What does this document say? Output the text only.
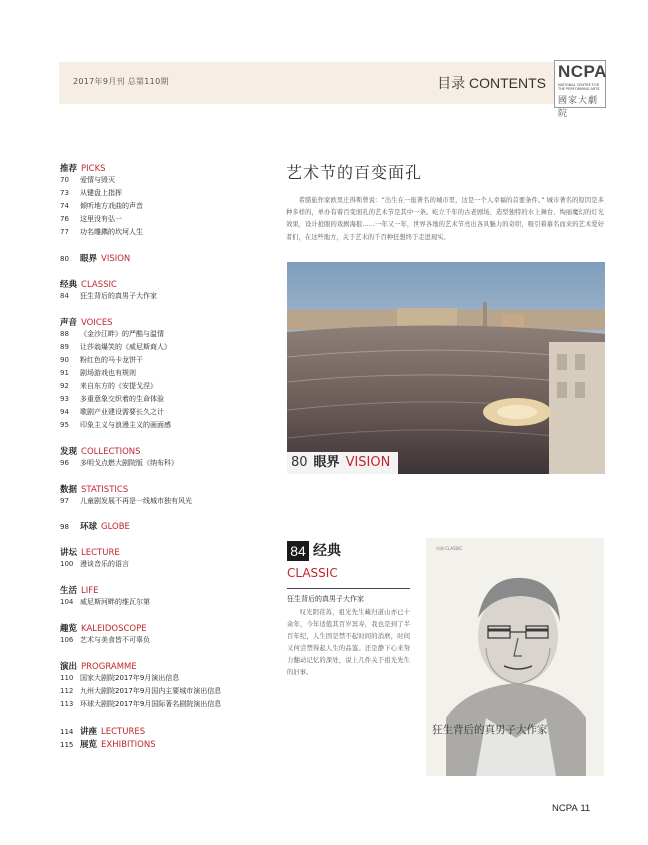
2017年9月刊 总第110期	目录 CONTENTS
NCPA
NATIONAL CENTRE FOR THE PERFORMING ARTS
國家大劇院
推荐 PICKS
70 爱情与毁灭
73 从键盘上指挥
74 倾听地方戏曲的声音
76 这里没有弘一
77 功名雕鐫的坎坷人生
80 眼界 VISION
经典 CLASSIC
84 狂生背后的真男子大作家
声音 VOICES
88 《金沙江畔》的严酷与温情
89 让莎翁爆笑的《威尼斯商人》
90 粉红色的马卡龙饼干
91 剧场游戏也有规则
92 来自东方的《安提戈涅》
93 多重意象交织着的生命体验
94 歌剧产业建设需要长久之计
95 印象主义与浪漫主义的画面感
发现 COLLECTIONS
96 多明戈点燃大剧院版《纳布科》
数据 STATISTICS
97 儿童剧发展不再是一线城市独有风光
98 环球 GLOBE
讲坛 LECTURE
100 漫谈音乐的语言
生活 LIFE
104 威尼斯河畔的维瓦尔第
趣览 KALEIDOSCOPE
106 艺术与美食皆不可辜负
演出 PROGRAMME
110 国家大剧院2017年9月演出信息
112 九州大剧院2017年9月国内主要城市演出信息
113 环球大剧院2017年9月国际著名剧院演出信息
114 讲座 LECTURES
115 展览 EXHIBITIONS
艺术节的百变面孔
希腊旅作家欧里庄得斯曾说：“出生在一座著名的城市里，这是一个人幸福的首要条件。” 城市著名的原因是多种多样的，单办有着百变面孔的艺术节是其中一条。屹立千年的古老剧场、造型独特的水上舞台、绚丽魔幻的灯光效果，设计抢眼的戏剧海报……一年又一年，世界各地的艺术节亮出各具魅力的奇织，吸引着慕名而来的艺术爱好者们，在这些地方，关于艺术的千百种狂想终于走进现实。
80 眼界 VISION
84 经典
CLASSIC
狂生背后的真男子大作家
叹光阴荏苒，祖光先生藏归道山亦已十余年，今年适值其百岁冥寿，我也是到了半百年纪，人生固是禁不起时间的消磨，时间又何尝禁得起人生的品鉴。还是静下心来努力翻动记忆的深处，说上几件关于祖光先生的旧事。
经典 CLASSIC
狂生背后的真男子大作家
NCPA 11
